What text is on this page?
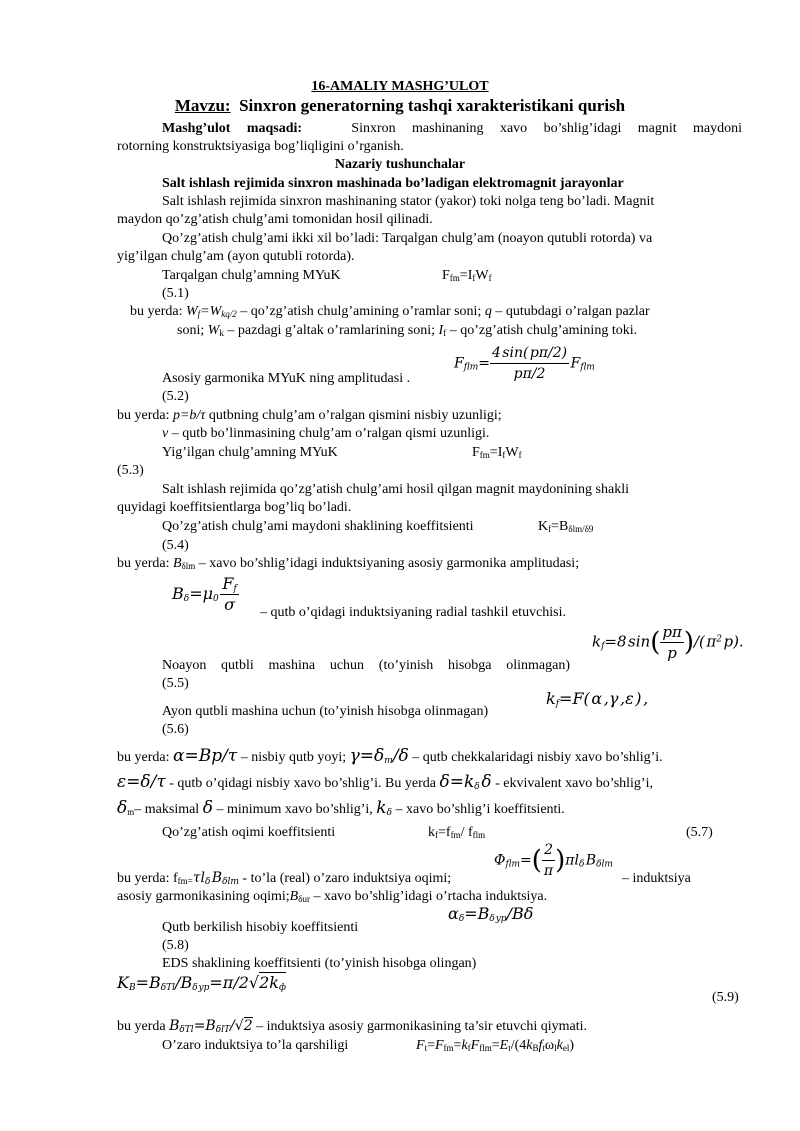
16-AMALIY MASHG’ULOT
Mavzu: Sinxron generatorning tashqi xarakteristikani qurish
Mashg’ulot maqsadi:	Sinxron mashinaning xavo bo’shlig’idagi magnit maydoni
rotorning konstruktsiyasiga bog’liqligini o’rganish.
Nazariy tushunchalar
Salt ishlash rejimida sinxron mashinada bo’ladigan elektromagnit jarayonlar
Salt ishlash rejimida sinxron mashinaning stator (yakor) toki nolga teng bo’ladi. Magnit
maydon qo’zg’atish chulg’ami tomonidan hosil qilinadi.
Qo’zg’atish chulg’ami ikki xil bo’ladi: Tarqalgan chulg’am (noayon qutubli rotorda) va
yig’ilgan chulg’am (ayon qutubli rotorda).
Tarqalgan chulg’amning MYuK	$F_{fm}=I_fW_f$
(5.1)
bu yerda: $W_f=W_{kq/2}$ – qo’zg’atish chulg’amining o’ramlar soni; q – qutubdagi o’ralgan pazlar
soni; $W_k$ – pazdagi g’altak o’ramlarining soni; $I_f$ – qo’zg’atish chulg’amining toki.
Asosiy garmonika MYuK ning amplitudasi .
$F_{flm}= \frac{4 \sin( p\pi/2)}{p\pi/2}$  $F_{flm}$
(5.2)
bu yerda: p=b/τ qutbning chulg’am o’ralgan qismini nisbiy uzunligi;
v – qutb bo’linmasining chulg’am o’ralgan qismi uzunligi.
Yig’ilgan chulg’amning MYuK	$F_{fm}=I_fW_f$
(5.3)
Salt ishlash rejimida qo’zg’atish chulg’ami hosil qilgan magnit maydonining shakli
quyidagi koeffitsientlarga bog’liq bo’ladi.
Qo’zg’atish chulg’ami maydoni shaklining koeffitsienti	$K_f=B_{\delta lm/\delta 9}$
(5.4)
bu yerda: $B_{\delta lm}$ – xavo bo’shlig’idagi induktsiyaning asosiy garmonika amplitudasi;
$B_\delta=\mu_0$  $\frac{F_f}{\sigma}$ – qutb o’qidagi induktsiyaning radial tashkil etuvchisi.
$k_f=8$ $\sin( \frac{p\pi}{p}$ )/( $\pi^2$ p).
Noayon qutbli mashina uchun (to’yinish hisobga olinmagan)
(5.5)
Ayon qutbli mashina uchun (to’yinish hisobga olinmagan)
$k_f=F$( α ,γ ,ε ) ,
(5.6)
bu yerda: α=Bp/τ – nisbiy qutb yoyi; $\gamma=\delta_m/\delta$ – qutb chekkalaridagi nisbiy xavo bo’shlig’i.
ε=δ/τ - qutb o’qidagi nisbiy xavo bo’shlig’i. Bu yerda $\delta=k_\delta$ δ - ekvivalent xavo bo’shlig’i,
$\delta_m-$ maksimal δ – minimum xavo bo’shlig’i, $k_\delta$ – xavo bo’shlig’i koeffitsienti.
Qo’zg’atish oqimi koeffitsienti	$k_f=f_{fm}/$ $f_{flm}$	(5.7)
$\Phi_{flm}=( \frac{2}{\pi} )\pi l_\delta$ $B_{\delta lm}$
bu yerda: $f_{fm=}\tau l_\delta$ $B_{\delta lm}$ - to’la (real) o’zaro induktsiya oqimi;	– induktsiya
asosiy garmonikasining $oqimi;B_{\delta ur}$ – xavo bo’shlig’idagi o’rtacha induktsiya.
Qutb berkilish hisobiy koeffitsienti
$\alpha_\delta=B_{\delta yp}/B\delta$
(5.8)
EDS shaklining koeffitsienti (to’yinish hisobga olingan)
$K_B=B_{\delta Tl}/B_{\delta yp}=\pi/2√2k_ф$
(5.9)
bu yerda $B_{\delta Tl}=B_{\delta lT}/√2$ – induktsiya asosiy garmonikasining ta’sir etuvchi qiymati.
O’zaro induktsiya to’la qarshiligi	$F_t=F_{fm}=k_fF_{flm}=E_t/(4k_Bf_t\omega_lk_{el})$
